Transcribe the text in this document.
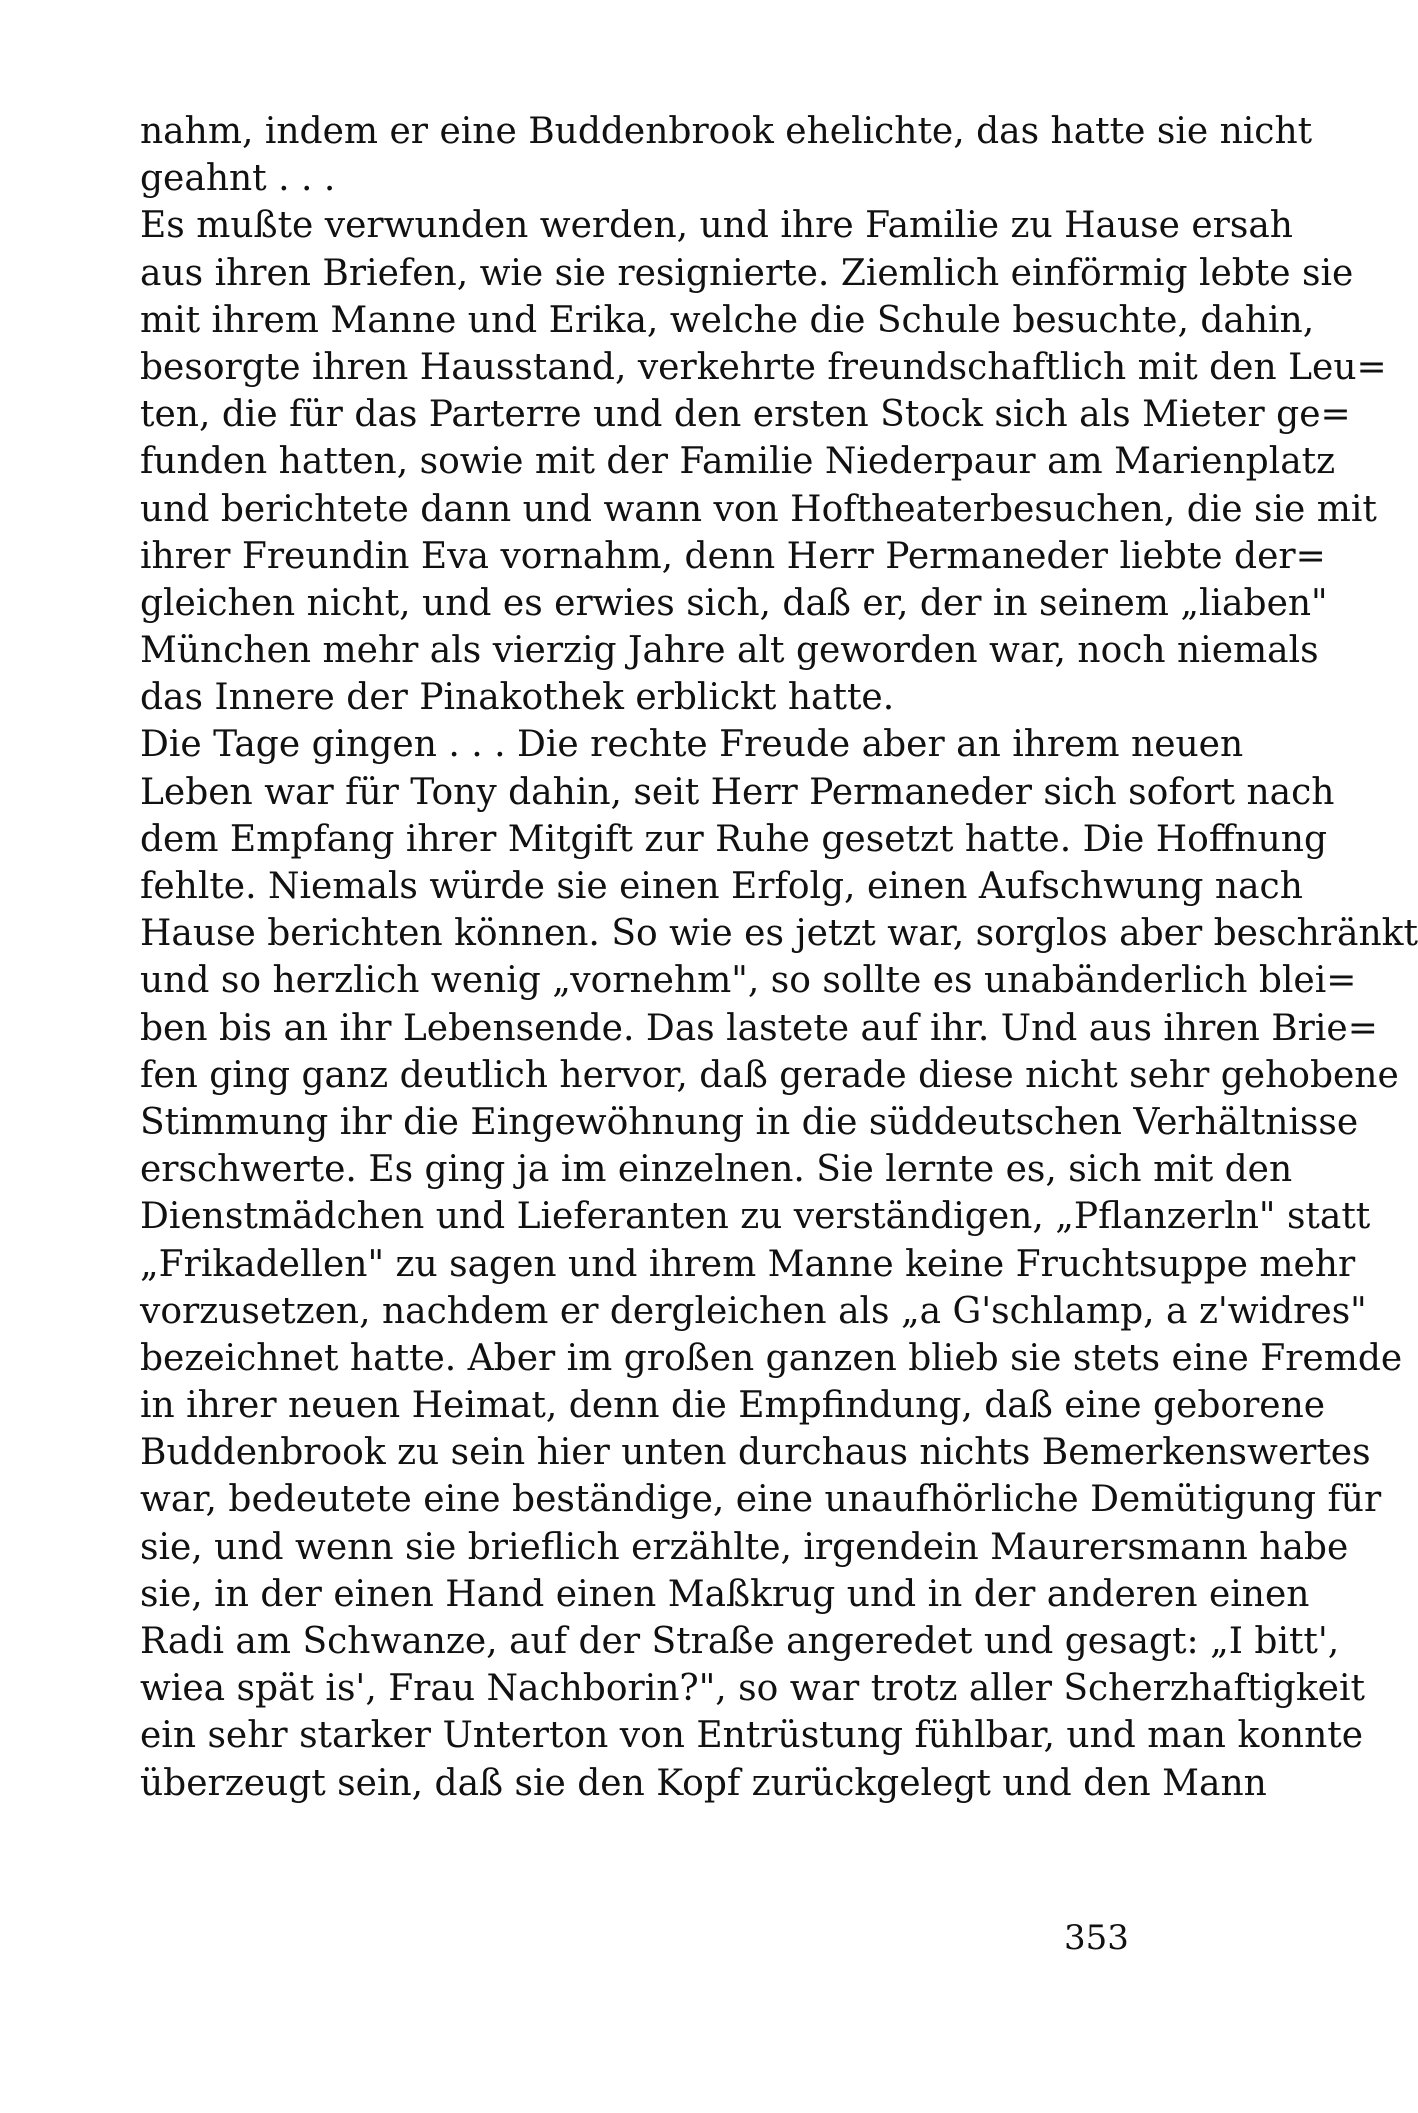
nahm, indem er eine Buddenbrook ehelichte, das hatte sie nicht
geahnt . . .
Es mußte verwunden werden, und ihre Familie zu Hause ersah
aus ihren Briefen, wie sie resignierte. Ziemlich einförmig lebte sie
mit ihrem Manne und Erika, welche die Schule besuchte, dahin,
besorgte ihren Hausstand, verkehrte freundschaftlich mit den Leu=
ten, die für das Parterre und den ersten Stock sich als Mieter ge=
funden hatten, sowie mit der Familie Niederpaur am Marienplatz
und berichtete dann und wann von Hoftheaterbesuchen, die sie mit
ihrer Freundin Eva vornahm, denn Herr Permaneder liebte der=
gleichen nicht, und es erwies sich, daß er, der in seinem „liaben"
München mehr als vierzig Jahre alt geworden war, noch niemals
das Innere der Pinakothek erblickt hatte.
Die Tage gingen . . . Die rechte Freude aber an ihrem neuen
Leben war für Tony dahin, seit Herr Permaneder sich sofort nach
dem Empfang ihrer Mitgift zur Ruhe gesetzt hatte. Die Hoffnung
fehlte. Niemals würde sie einen Erfolg, einen Aufschwung nach
Hause berichten können. So wie es jetzt war, sorglos aber beschränkt
und so herzlich wenig „vornehm", so sollte es unabänderlich blei=
ben bis an ihr Lebensende. Das lastete auf ihr. Und aus ihren Brie=
fen ging ganz deutlich hervor, daß gerade diese nicht sehr gehobene
Stimmung ihr die Eingewöhnung in die süddeutschen Verhältnisse
erschwerte. Es ging ja im einzelnen. Sie lernte es, sich mit den
Dienstmädchen und Lieferanten zu verständigen, „Pflanzerln" statt
„Frikadellen" zu sagen und ihrem Manne keine Fruchtsuppe mehr
vorzusetzen, nachdem er dergleichen als „a G'schlamp, a z'widres"
bezeichnet hatte. Aber im großen ganzen blieb sie stets eine Fremde
in ihrer neuen Heimat, denn die Empfindung, daß eine geborene
Buddenbrook zu sein hier unten durchaus nichts Bemerkenswertes
war, bedeutete eine beständige, eine unaufhörliche Demütigung für
sie, und wenn sie brieflich erzählte, irgendein Maurersmann habe
sie, in der einen Hand einen Maßkrug und in der anderen einen
Radi am Schwanze, auf der Straße angeredet und gesagt: „I bitt',
wiea spät is', Frau Nachborin?", so war trotz aller Scherzhaftigkeit
ein sehr starker Unterton von Entrüstung fühlbar, und man konnte
überzeugt sein, daß sie den Kopf zurückgelegt und den Mann
353
